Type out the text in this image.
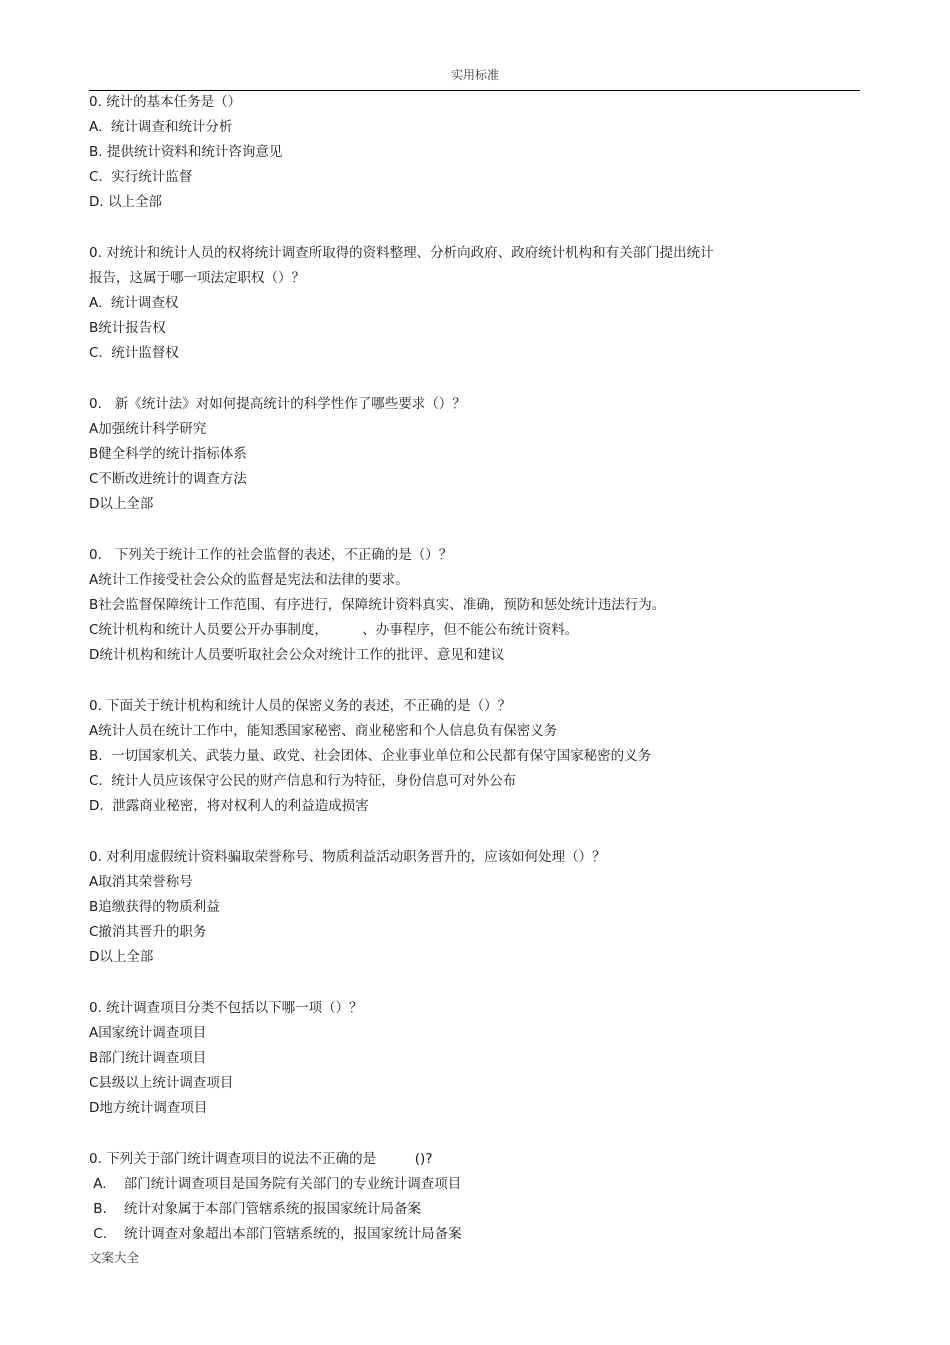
实用标准
0. 统计的基本任务是（）
A.  统计调查和统计分析
B. 提供统计资料和统计咨询意见
C.  实行统计监督
D. 以上全部
0. 对统计和统计人员的权将统计调查所取得的资料整理、分析向政府、政府统计机构和有关部门提出统计
报告，这属于哪一项法定职权（）？
A.  统计调查权
B统计报告权
C.  统计监督权
0.   新《统计法》对如何提高统计的科学性作了哪些要求（）？
A加强统计科学研究
B健全科学的统计指标体系
C不断改进统计的调查方法
D以上全部
0.   下列关于统计工作的社会监督的表述，不正确的是（）？
A统计工作接受社会公众的监督是宪法和法律的要求。
B社会监督保障统计工作范围、有序进行，保障统计资料真实、准确，预防和惩处统计违法行为。
C统计机构和统计人员要公开办事制度，        、办事程序，但不能公布统计资料。
D统计机构和统计人员要听取社会公众对统计工作的批评、意见和建议
0. 下面关于统计机构和统计人员的保密义务的表述，不正确的是（）？
A统计人员在统计工作中，能知悉国家秘密、商业秘密和个人信息负有保密义务
B.  一切国家机关、武装力量、政党、社会团体、企业事业单位和公民都有保守国家秘密的义务
C.  统计人员应该保守公民的财产信息和行为特征，身份信息可对外公布
D.  泄露商业秘密，将对权利人的利益造成损害
0. 对利用虚假统计资料骗取荣誉称号、物质利益活动职务晋升的，应该如何处理（）？
A取消其荣誉称号
B追缴获得的物质利益
C撤消其晋升的职务
D以上全部
0. 统计调查项目分类不包括以下哪一项（）？
A国家统计调查项目
B部门统计调查项目
C县级以上统计调查项目
D地方统计调查项目
0. 下列关于部门统计调查项目的说法不正确的是         ()?
A.    部门统计调查项目是国务院有关部门的专业统计调查项目
B.    统计对象属于本部门管辖系统的报国家统计局备案
C.    统计调查对象超出本部门管辖系统的，报国家统计局备案
文案大全
